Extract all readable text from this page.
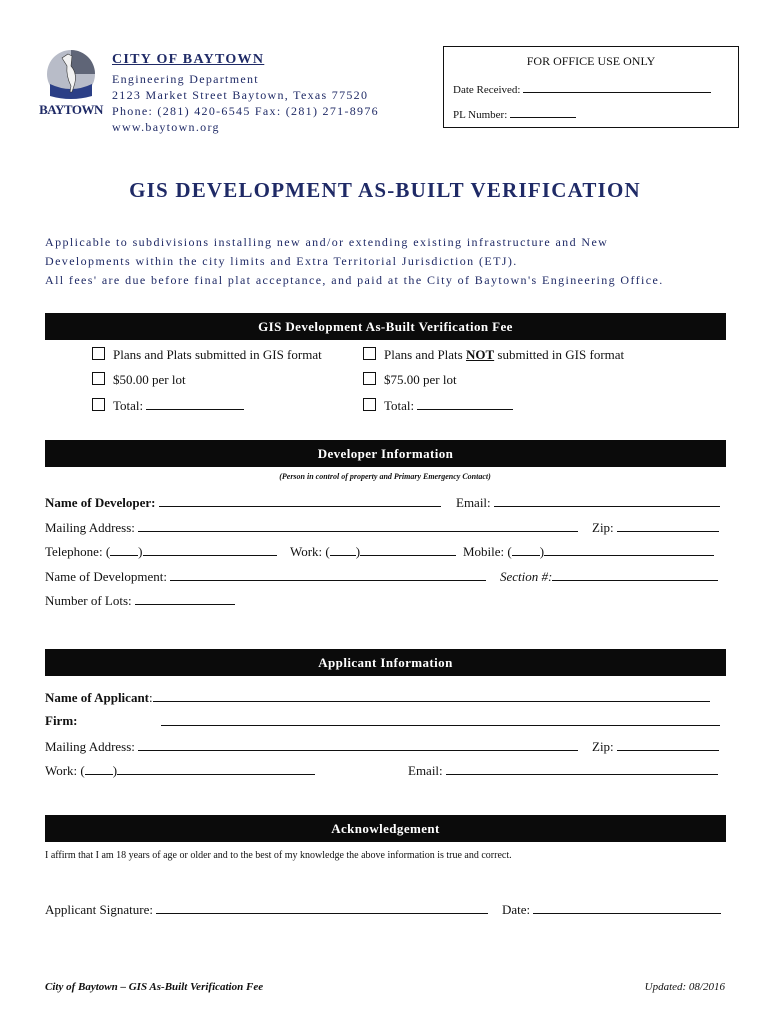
BAYTOWN
CITY OF BAYTOWN
Engineering Department
2123 Market Street Baytown, Texas 77520
Phone: (281) 420-6545 Fax: (281) 271-8976
www.baytown.org
FOR OFFICE USE ONLY
Date Received:
PL Number:
GIS DEVELOPMENT AS-BUILT VERIFICATION
Applicable to subdivisions installing new and/or extending existing infrastructure and New
Developments within the city limits and Extra Territorial Jurisdiction (ETJ).
All fees' are due before final plat acceptance, and paid at the City of Baytown's Engineering Office.
GIS Development As-Built Verification Fee
Plans and Plats submitted in GIS format
$50.00 per lot
Total:
Plans and Plats NOT submitted in GIS format
$75.00 per lot
Total:
Developer Information
(Person in control of property and Primary Emergency Contact)
Name of Developer:	Email:
Mailing Address:	Zip:
Telephone: ( )	Work: ( )	Mobile: ( )
Name of Development:	Section #:
Number of Lots:
Applicant Information
Name of Applicant:
Firm:
Mailing Address:	Zip:
Work: ( )	Email:
Acknowledgement
I affirm that I am 18 years of age or older and to the best of my knowledge the above information is true and correct.
Applicant Signature:	Date:
City of Baytown – GIS As-Built Verification Fee	Updated: 08/2016
